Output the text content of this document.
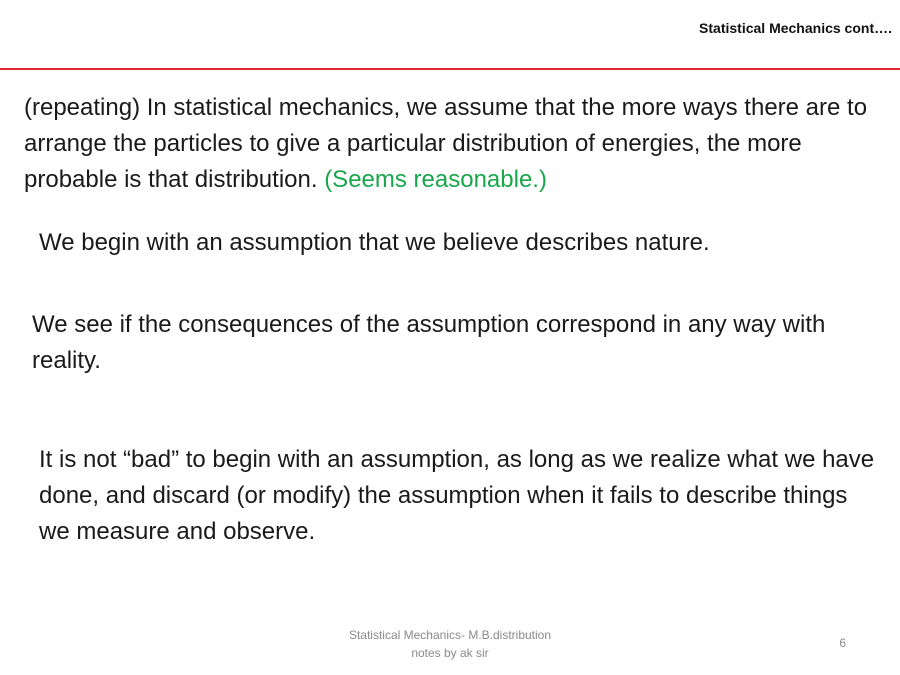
Statistical Mechanics cont….
(repeating) In statistical mechanics, we assume that the more ways there are to arrange the particles to give a particular distribution of energies, the more probable is that distribution. (Seems reasonable.)
We begin with an assumption that we believe describes nature.
We see if the consequences of the assumption correspond in any way with reality.
It is not “bad” to begin with an assumption, as long as we realize what we have done, and discard (or modify) the assumption when it fails to describe things we measure and observe.
Statistical Mechanics- M.B.distribution
notes by ak sir
6
